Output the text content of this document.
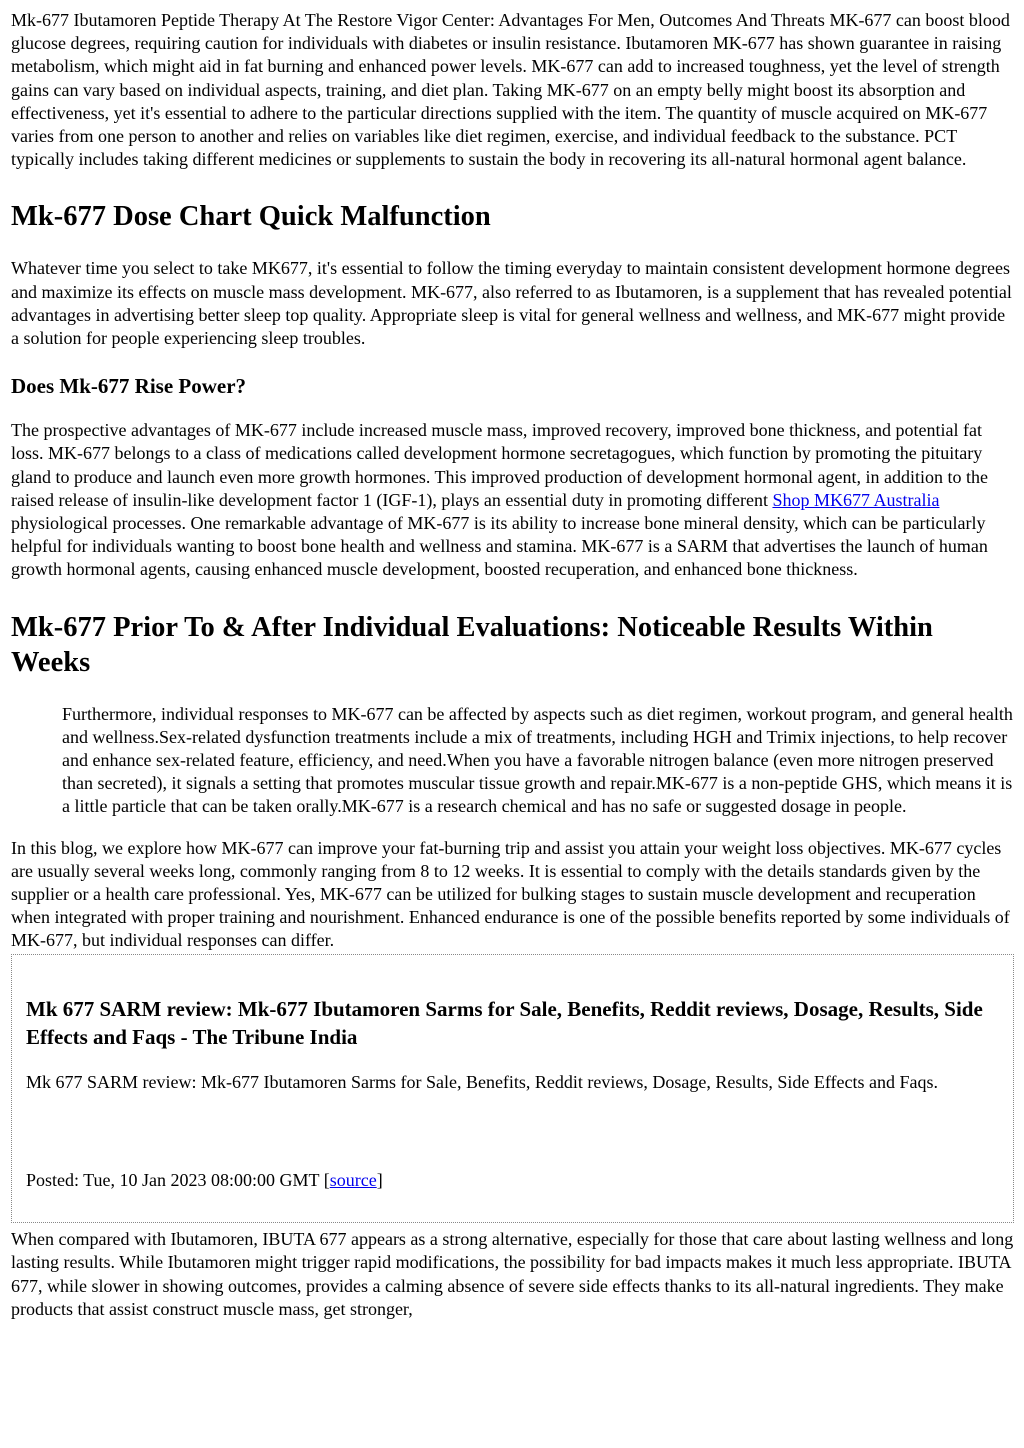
Mk-677 Ibutamoren Peptide Therapy At The Restore Vigor Center: Advantages For Men, Outcomes And Threats MK-677 can boost blood glucose degrees, requiring caution for individuals with diabetes or insulin resistance. Ibutamoren MK-677 has shown guarantee in raising metabolism, which might aid in fat burning and enhanced power levels. MK-677 can add to increased toughness, yet the level of strength gains can vary based on individual aspects, training, and diet plan. Taking MK-677 on an empty belly might boost its absorption and effectiveness, yet it's essential to adhere to the particular directions supplied with the item. The quantity of muscle acquired on MK-677 varies from one person to another and relies on variables like diet regimen, exercise, and individual feedback to the substance. PCT typically includes taking different medicines or supplements to sustain the body in recovering its all-natural hormonal agent balance.

Mk-677 Dose Chart Quick Malfunction

Whatever time you select to take MK677, it's essential to follow the timing everyday to maintain consistent development hormone degrees and maximize its effects on muscle mass development. MK-677, also referred to as Ibutamoren, is a supplement that has revealed potential advantages in advertising better sleep top quality. Appropriate sleep is vital for general wellness and wellness, and MK-677 might provide a solution for people experiencing sleep troubles.

Does Mk-677 Rise Power?

The prospective advantages of MK-677 include increased muscle mass, improved recovery, improved bone thickness, and potential fat loss. MK-677 belongs to a class of medications called development hormone secretagogues, which function by promoting the pituitary gland to produce and launch even more growth hormones. This improved production of development hormonal agent, in addition to the raised release of insulin-like development factor 1 (IGF-1), plays an essential duty in promoting different Shop MK677 Australia physiological processes. One remarkable advantage of MK-677 is its ability to increase bone mineral density, which can be particularly helpful for individuals wanting to boost bone health and wellness and stamina. MK-677 is a SARM that advertises the launch of human growth hormonal agents, causing enhanced muscle development, boosted recuperation, and enhanced bone thickness.

Mk-677 Prior To & After Individual Evaluations: Noticeable Results Within Weeks
Furthermore, individual responses to MK-677 can be affected by aspects such as diet regimen, workout program, and general health and wellness.Sex-related dysfunction treatments include a mix of treatments, including HGH and Trimix injections, to help recover and enhance sex-related feature, efficiency, and need.When you have a favorable nitrogen balance (even more nitrogen preserved than secreted), it signals a setting that promotes muscular tissue growth and repair.MK-677 is a non-peptide GHS, which means it is a little particle that can be taken orally.MK-677 is a research chemical and has no safe or suggested dosage in people.

In this blog, we explore how MK-677 can improve your fat-burning trip and assist you attain your weight loss objectives. MK-677 cycles are usually several weeks long, commonly ranging from 8 to 12 weeks. It is essential to comply with the details standards given by the supplier or a health care professional. Yes, MK-677 can be utilized for bulking stages to sustain muscle development and recuperation when integrated with proper training and nourishment. Enhanced endurance is one of the possible benefits reported by some individuals of MK-677, but individual responses can differ.

Mk 677 SARM review: Mk-677 Ibutamoren Sarms for Sale, Benefits, Reddit reviews, Dosage, Results, Side Effects and Faqs - The Tribune India

Mk 677 SARM review: Mk-677 Ibutamoren Sarms for Sale, Benefits, Reddit reviews, Dosage, Results, Side Effects and Faqs.

Posted: Tue, 10 Jan 2023 08:00:00 GMT [source]

When compared with Ibutamoren, IBUTA 677 appears as a strong alternative, especially for those that care about lasting wellness and long lasting results. While Ibutamoren might trigger rapid modifications, the possibility for bad impacts makes it much less appropriate. IBUTA 677, while slower in showing outcomes, provides a calming absence of severe side effects thanks to its all-natural ingredients. They make products that assist construct muscle mass, get stronger,
